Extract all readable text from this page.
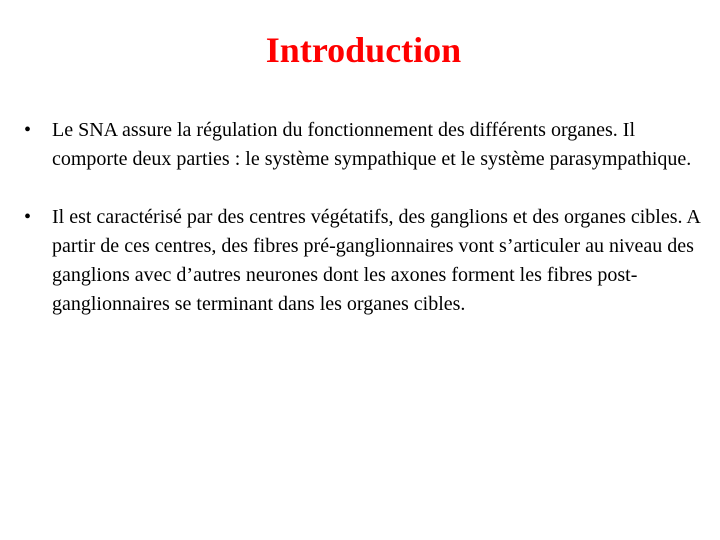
Introduction
• Le SNA assure la régulation du fonctionnement des différents organes. Il comporte deux parties : le système sympathique et le système parasympathique.
• Il est caractérisé par des centres végétatifs, des ganglions et des organes cibles. A partir de ces centres, des fibres pré-ganglionnaires vont s’articuler au niveau des ganglions avec d’autres neurones dont les axones forment les fibres post-ganglionnaires se terminant dans les organes cibles.
